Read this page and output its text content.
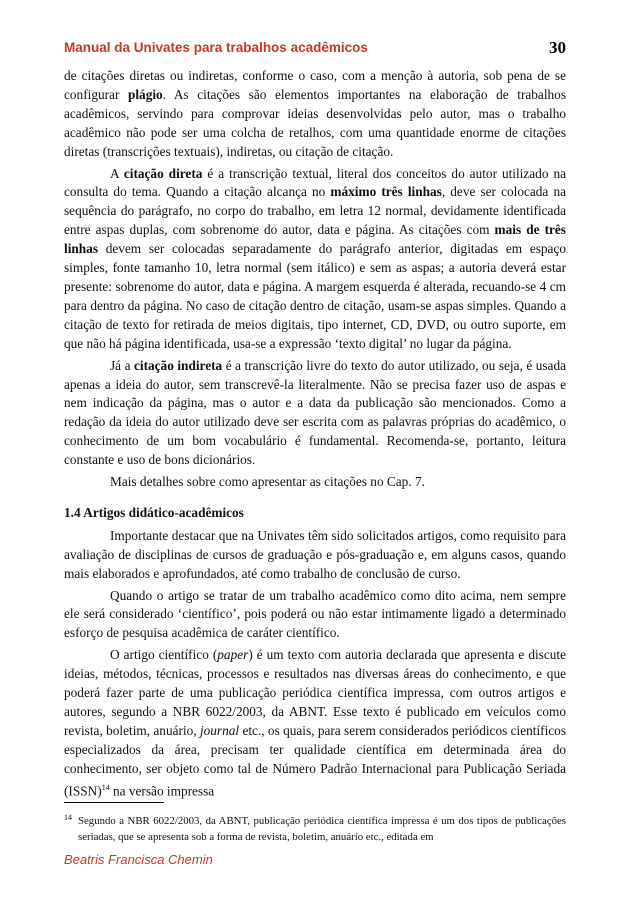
Manual da Univates para trabalhos acadêmicos	30

de citações diretas ou indiretas, conforme o caso, com a menção à autoria, sob pena de se configurar plágio. As citações são elementos importantes na elaboração de trabalhos acadêmicos, servindo para comprovar ideias desenvolvidas pelo autor, mas o trabalho acadêmico não pode ser uma colcha de retalhos, com uma quantidade enorme de citações diretas (transcrições textuais), indiretas, ou citação de citação.

A citação direta é a transcrição textual, literal dos conceitos do autor utilizado na consulta do tema. Quando a citação alcança no máximo três linhas, deve ser colocada na sequência do parágrafo, no corpo do trabalho, em letra 12 normal, devidamente identificada entre aspas duplas, com sobrenome do autor, data e página. As citações com mais de três linhas devem ser colocadas separadamente do parágrafo anterior, digitadas em espaço simples, fonte tamanho 10, letra normal (sem itálico) e sem as aspas; a autoria deverá estar presente: sobrenome do autor, data e página. A margem esquerda é alterada, recuando-se 4 cm para dentro da página. No caso de citação dentro de citação, usam-se aspas simples. Quando a citação de texto for retirada de meios digitais, tipo internet, CD, DVD, ou outro suporte, em que não há página identificada, usa-se a expressão ‘texto digital’ no lugar da página.

Já a citação indireta é a transcrição livre do texto do autor utilizado, ou seja, é usada apenas a ideia do autor, sem transcrevê-la literalmente. Não se precisa fazer uso de aspas e nem indicação da página, mas o autor e a data da publicação são mencionados. Como a redação da ideia do autor utilizado deve ser escrita com as palavras próprias do acadêmico, o conhecimento de um bom vocabulário é fundamental. Recomenda-se, portanto, leitura constante e uso de bons dicionários.

Mais detalhes sobre como apresentar as citações no Cap. 7.

1.4 Artigos didático-acadêmicos

Importante destacar que na Univates têm sido solicitados artigos, como requisito para avaliação de disciplinas de cursos de graduação e pós-graduação e, em alguns casos, quando mais elaborados e aprofundados, até como trabalho de conclusão de curso.

Quando o artigo se tratar de um trabalho acadêmico como dito acima, nem sempre ele será considerado ‘científico’, pois poderá ou não estar intimamente ligado a determinado esforço de pesquisa acadêmica de caráter científico.

O artigo científico (paper) é um texto com autoria declarada que apresenta e discute ideias, métodos, técnicas, processos e resultados nas diversas áreas do conhecimento, e que poderá fazer parte de uma publicação periódica científica impressa, com outros artigos e autores, segundo a NBR 6022/2003, da ABNT. Esse texto é publicado em veículos como revista, boletim, anuário, journal etc., os quais, para serem considerados periódicos científicos especializados da área, precisam ter qualidade científica em determinada área do conhecimento, ser objeto como tal de Número Padrão Internacional para Publicação Seriada (ISSN)$^{14}$ na versão impressa

$^{14}$ Segundo a NBR 6022/2003, da ABNT, publicação periódica científica impressa é um dos tipos de publicações seriadas, que se apresenta sob a forma de revista, boletim, anuário etc., editada em
Beatris Francisca Chemin
